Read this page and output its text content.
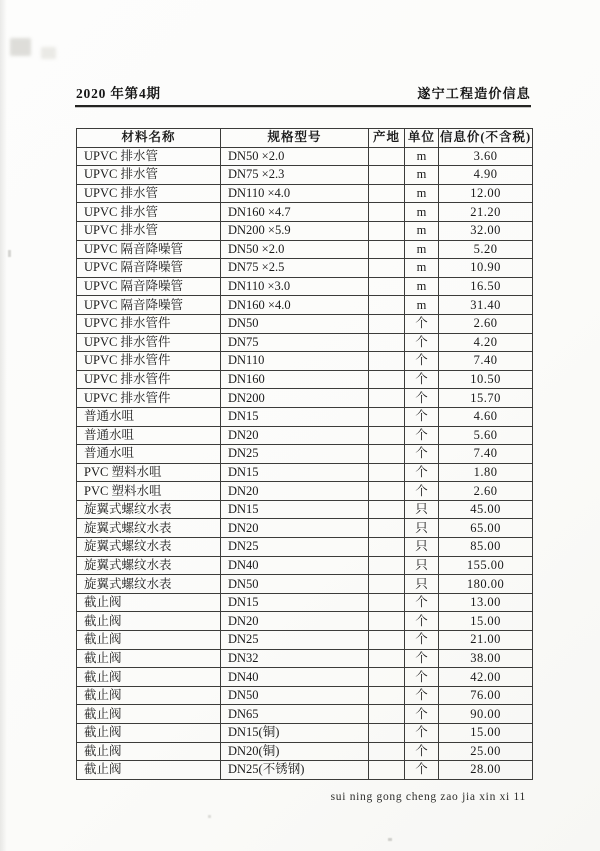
2020 年第4期	遂宁工程造价信息
材料名称	规格型号	产地	单位	信息价(不含税)
UPVC 排水管	DN50 ×2.0		m	3.60
UPVC 排水管	DN75 ×2.3		m	4.90
UPVC 排水管	DN110 ×4.0		m	12.00
UPVC 排水管	DN160 ×4.7		m	21.20
UPVC 排水管	DN200 ×5.9		m	32.00
UPVC 隔音降噪管	DN50 ×2.0		m	5.20
UPVC 隔音降噪管	DN75 ×2.5		m	10.90
UPVC 隔音降噪管	DN110 ×3.0		m	16.50
UPVC 隔音降噪管	DN160 ×4.0		m	31.40
UPVC 排水管件	DN50		个	2.60
UPVC 排水管件	DN75		个	4.20
UPVC 排水管件	DN110		个	7.40
UPVC 排水管件	DN160		个	10.50
UPVC 排水管件	DN200		个	15.70
普通水咀	DN15		个	4.60
普通水咀	DN20		个	5.60
普通水咀	DN25		个	7.40
PVC 塑料水咀	DN15		个	1.80
PVC 塑料水咀	DN20		个	2.60
旋翼式螺纹水表	DN15		只	45.00
旋翼式螺纹水表	DN20		只	65.00
旋翼式螺纹水表	DN25		只	85.00
旋翼式螺纹水表	DN40		只	155.00
旋翼式螺纹水表	DN50		只	180.00
截止阀	DN15		个	13.00
截止阀	DN20		个	15.00
截止阀	DN25		个	21.00
截止阀	DN32		个	38.00
截止阀	DN40		个	42.00
截止阀	DN50		个	76.00
截止阀	DN65		个	90.00
截止阀	DN15(铜)		个	15.00
截止阀	DN20(铜)		个	25.00
截止阀	DN25(不锈钢)		个	28.00
sui ning gong cheng zao jia xin xi 11
